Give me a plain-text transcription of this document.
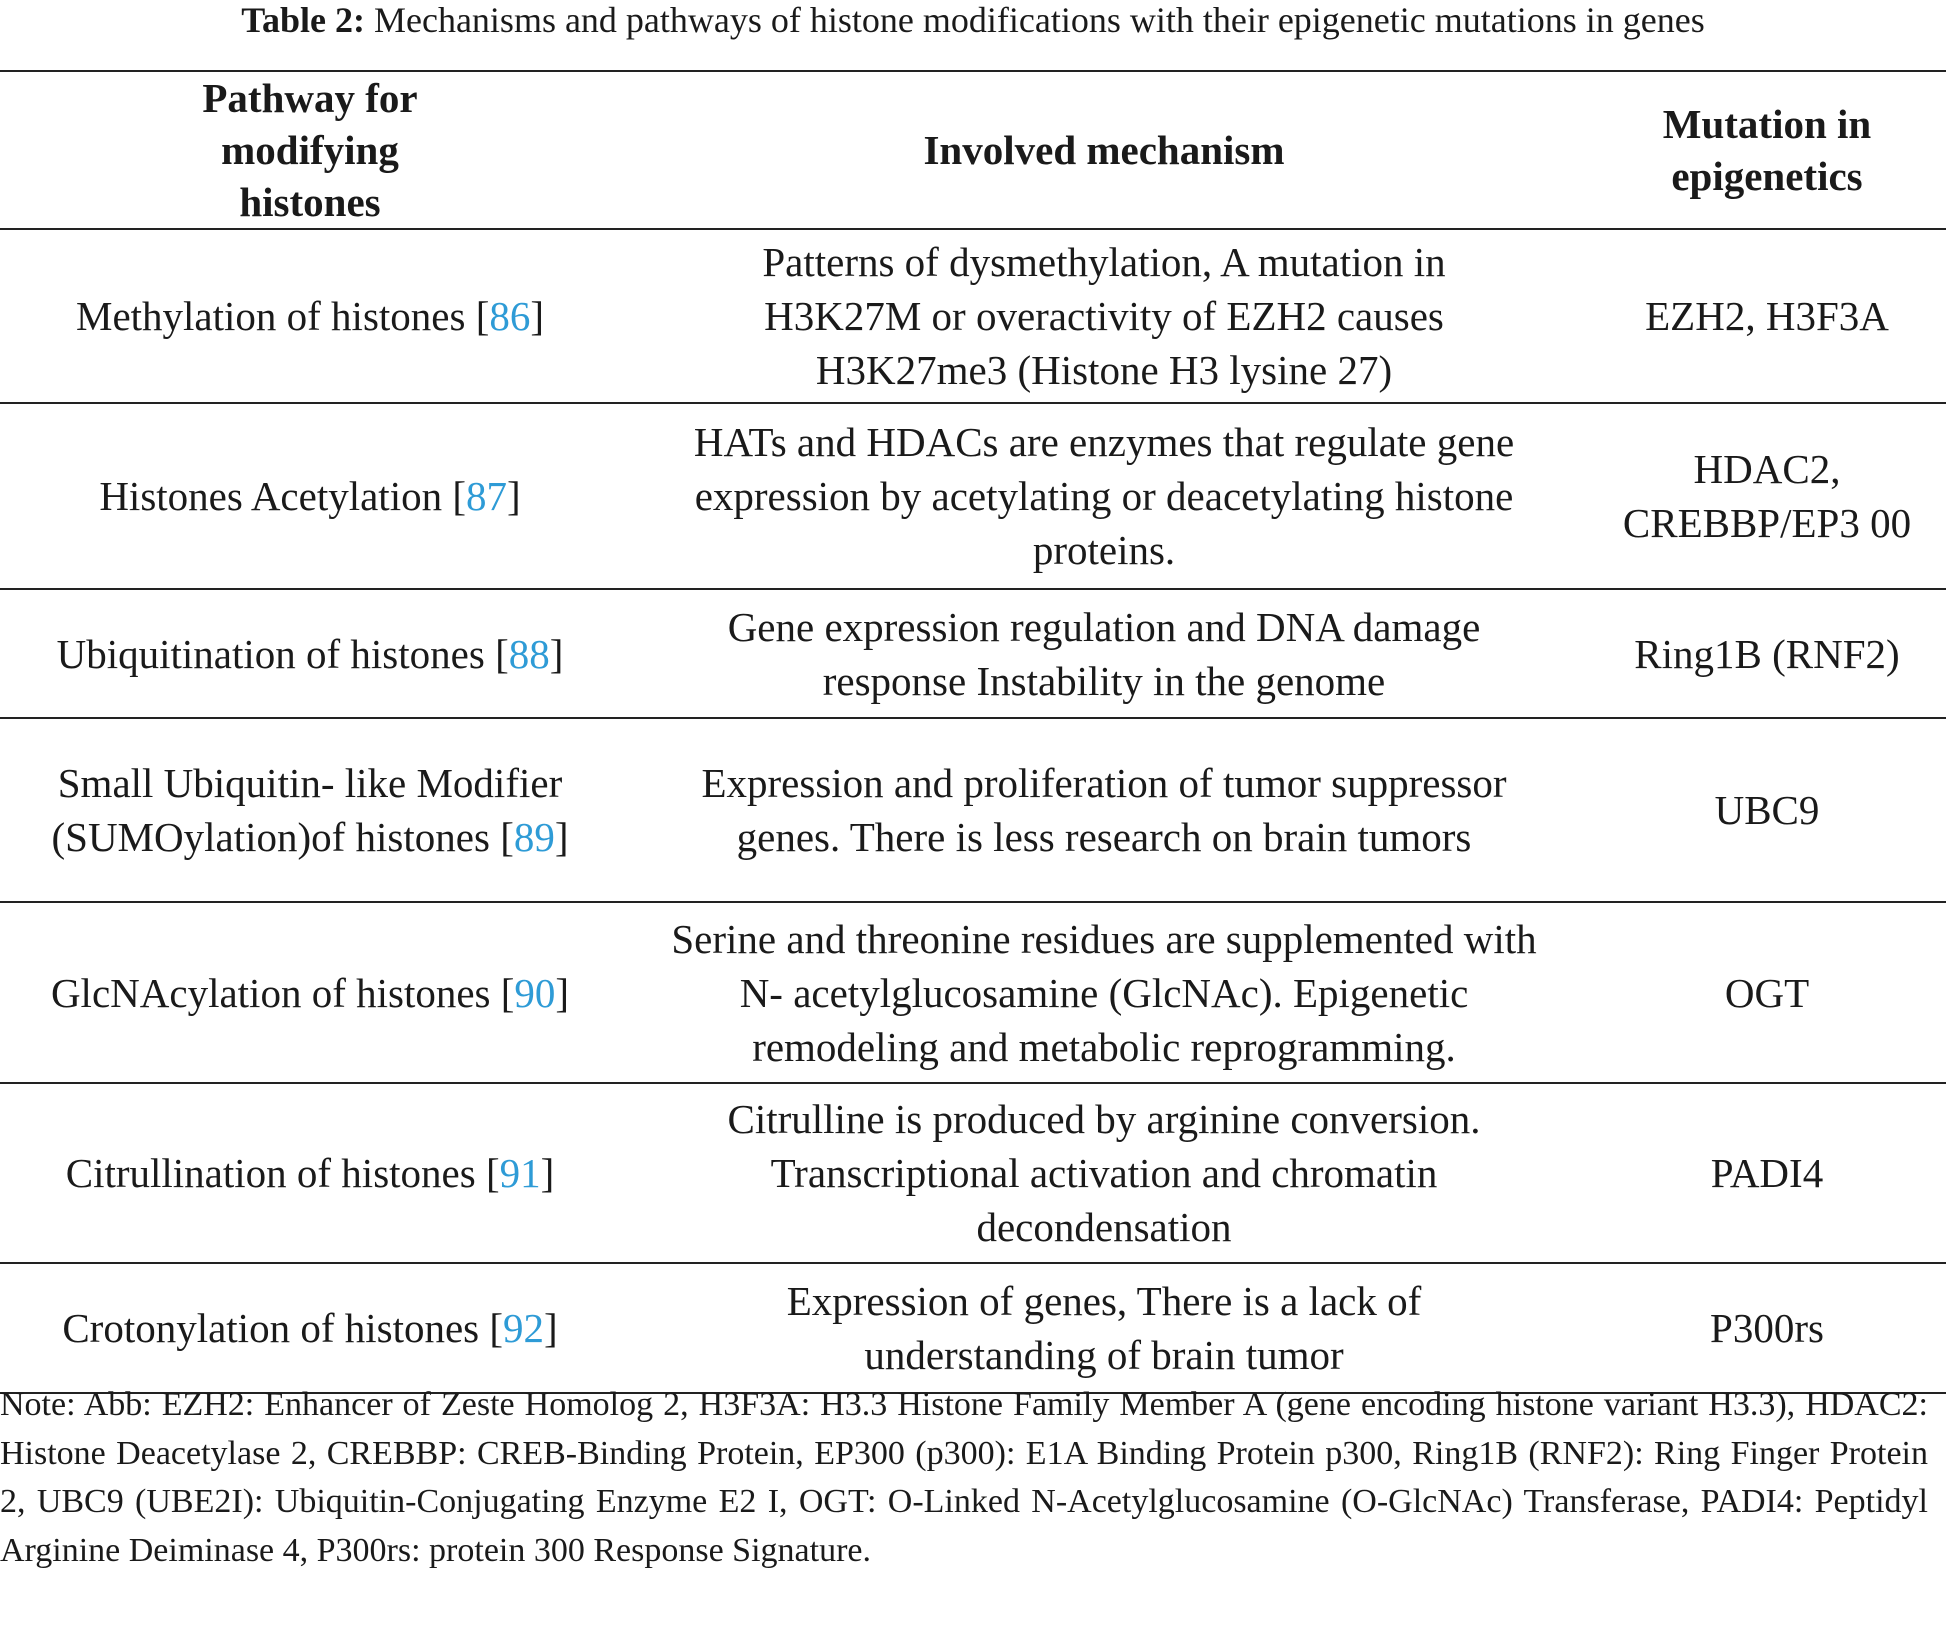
Table 2: Mechanisms and pathways of histone modifications with their epigenetic mutations in genes
Pathway for modifying histones	Involved mechanism	Mutation in epigenetics
Methylation of histones [86]	Patterns of dysmethylation, A mutation in H3K27M or overactivity of EZH2 causes H3K27me3 (Histone H3 lysine 27)	EZH2, H3F3A
Histones Acetylation [87]	HATs and HDACs are enzymes that regulate gene expression by acetylating or deacetylating histone proteins.	HDAC2, CREBBP/EP3 00
Ubiquitination of histones [88]	Gene expression regulation and DNA damage response Instability in the genome	Ring1B (RNF2)
Small Ubiquitin- like Modifier (SUMOylation)of histones [89]	Expression and proliferation of tumor suppressor genes. There is less research on brain tumors	UBC9
GlcNAcylation of histones [90]	Serine and threonine residues are supplemented with N- acetylglucosamine (GlcNAc). Epigenetic remodeling and metabolic reprogramming.	OGT
Citrullination of histones [91]	Citrulline is produced by arginine conversion. Transcriptional activation and chromatin decondensation	PADI4
Crotonylation of histones [92]	Expression of genes, There is a lack of understanding of brain tumor	P300rs
Note: Abb: EZH2: Enhancer of Zeste Homolog 2, H3F3A: H3.3 Histone Family Member A (gene encoding histone variant H3.3), HDAC2: Histone Deacetylase 2, CREBBP: CREB-Binding Protein, EP300 (p300): E1A Binding Protein p300, Ring1B (RNF2): Ring Finger Protein 2, UBC9 (UBE2I): Ubiquitin-Conjugating Enzyme E2 I, OGT: O-Linked N-Acetylglucosamine (O-GlcNAc) Transferase, PADI4: Peptidyl Arginine Deiminase 4, P300rs: protein 300 Response Signature.
